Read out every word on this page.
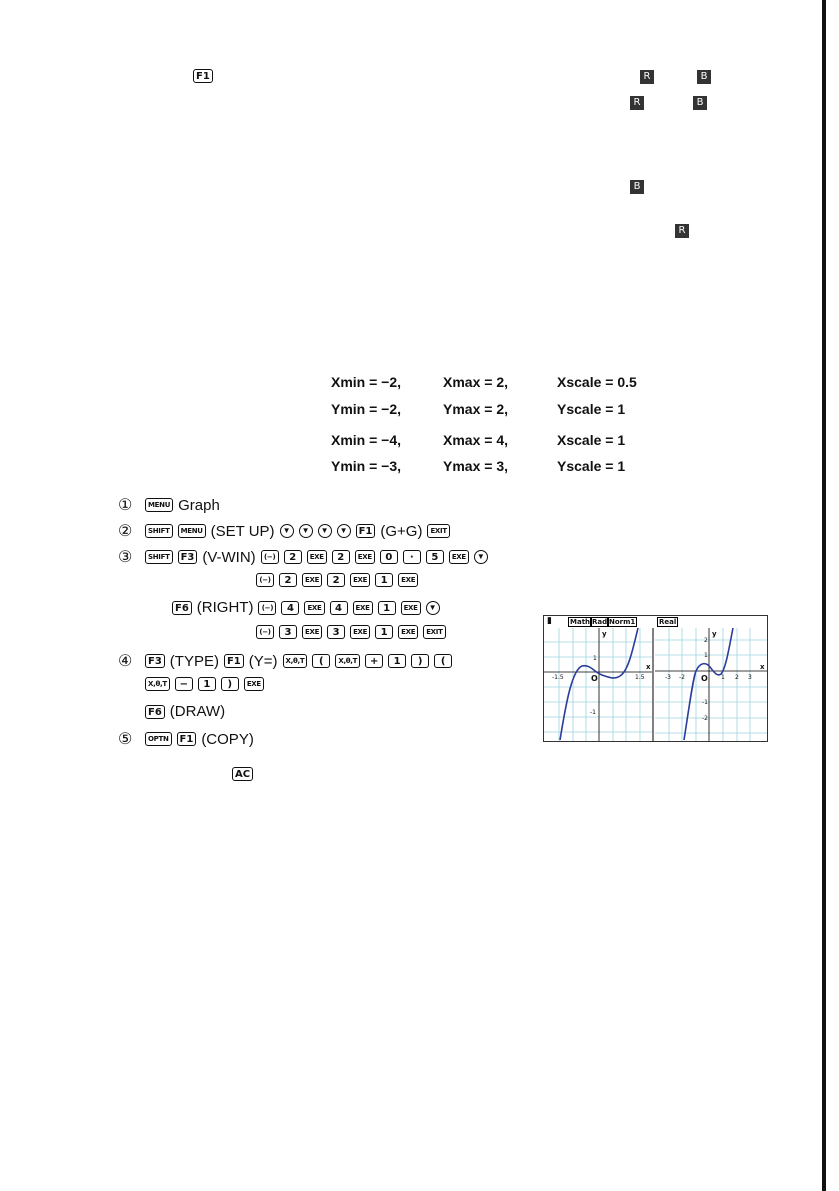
F1	R	B
R	B
B
R
Xmin = −2,	Xmax = 2,	Xscale = 0.5
Ymin = −2,	Ymax = 2,	Yscale = 1
Xmin = −4,	Xmax = 4,	Xscale = 1
Ymin = −3,	Ymax = 3,	Yscale = 1
①	MENU Graph
②	SHIFT	MENU (SET UP)	▼	▼	▼	▼	F1 (G+G)	EXIT
③	SHIFT	F3 (V-WIN)	(−)	2	EXE	2	EXE	0	·	5	EXE	▼
(−)	2	EXE	2	EXE	1	EXE
F6 (RIGHT)	(−)	4	EXE	4	EXE	1	EXE	▼
(−)	3	EXE	3	EXE	1	EXE	EXIT
④	F3 (TYPE) F1 (Y=)	X,θ,T	(	X,θ,T	+	1	)	(
X,θ,T	−	1	)	EXE
F6 (DRAW)
⑤	OPTN	F1 (COPY)
AC
▮	Math Rad Norm1	Real
y
x
O
-1.5	1.5
1
-1
y
x
O
-3 -2	1 2 3
2
1
-1
-2
